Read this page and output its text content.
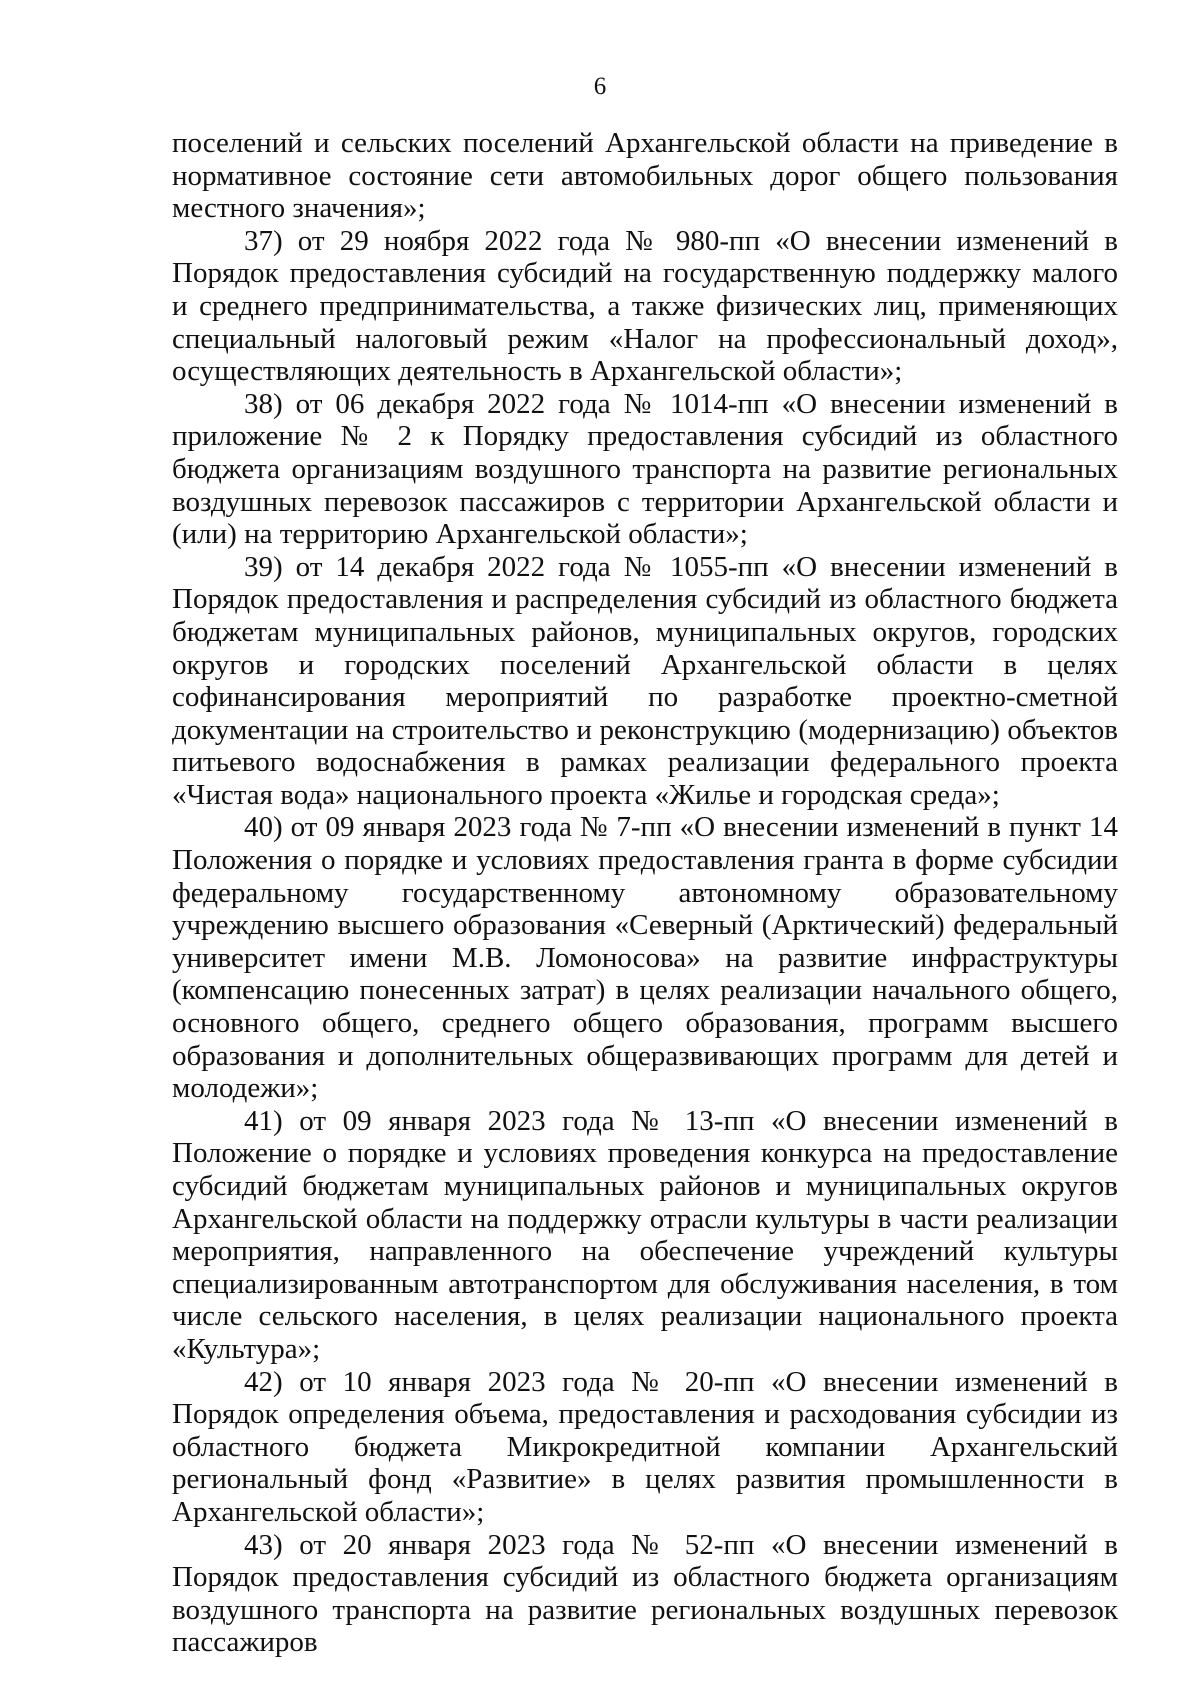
6

поселений и сельских поселений Архангельской области на приведение в нормативное состояние сети автомобильных дорог общего пользования местного значения»;

37) от 29 ноября 2022 года № 980-пп «О внесении изменений в Порядок предоставления субсидий на государственную поддержку малого и среднего предпринимательства, а также физических лиц, применяющих специальный налоговый режим «Налог на профессиональный доход», осуществляющих деятельность в Архангельской области»;

38) от 06 декабря 2022 года № 1014-пп «О внесении изменений в приложение № 2 к Порядку предоставления субсидий из областного бюджета организациям воздушного транспорта на развитие региональных воздушных перевозок пассажиров с территории Архангельской области и (или) на территорию Архангельской области»;

39) от 14 декабря 2022 года № 1055-пп «О внесении изменений в Порядок предоставления и распределения субсидий из областного бюджета бюджетам муниципальных районов, муниципальных округов, городских округов и городских поселений Архангельской области в целях софинансирования мероприятий по разработке проектно-сметной документации на строительство и реконструкцию (модернизацию) объектов питьевого водоснабжения в рамках реализации федерального проекта «Чистая вода» национального проекта «Жилье и городская среда»;

40) от 09 января 2023 года № 7-пп «О внесении изменений в пункт 14 Положения о порядке и условиях предоставления гранта в форме субсидии федеральному государственному автономному образовательному учреждению высшего образования «Северный (Арктический) федеральный университет имени М.В. Ломоносова» на развитие инфраструктуры (компенсацию понесенных затрат) в целях реализации начального общего, основного общего, среднего общего образования, программ высшего образования и дополнительных общеразвивающих программ для детей и молодежи»;

41) от 09 января 2023 года № 13-пп «О внесении изменений в Положение о порядке и условиях проведения конкурса на предоставление субсидий бюджетам муниципальных районов и муниципальных округов Архангельской области на поддержку отрасли культуры в части реализации мероприятия, направленного на обеспечение учреждений культуры специализированным автотранспортом для обслуживания населения, в том числе сельского населения, в целях реализации национального проекта «Культура»;

42) от 10 января 2023 года № 20-пп «О внесении изменений в Порядок определения объема, предоставления и расходования субсидии из областного бюджета Микрокредитной компании Архангельский региональный фонд «Развитие» в целях развития промышленности в Архангельской области»;

43) от 20 января 2023 года № 52-пп «О внесении изменений в Порядок предоставления субсидий из областного бюджета организациям воздушного транспорта на развитие региональных воздушных перевозок пассажиров
